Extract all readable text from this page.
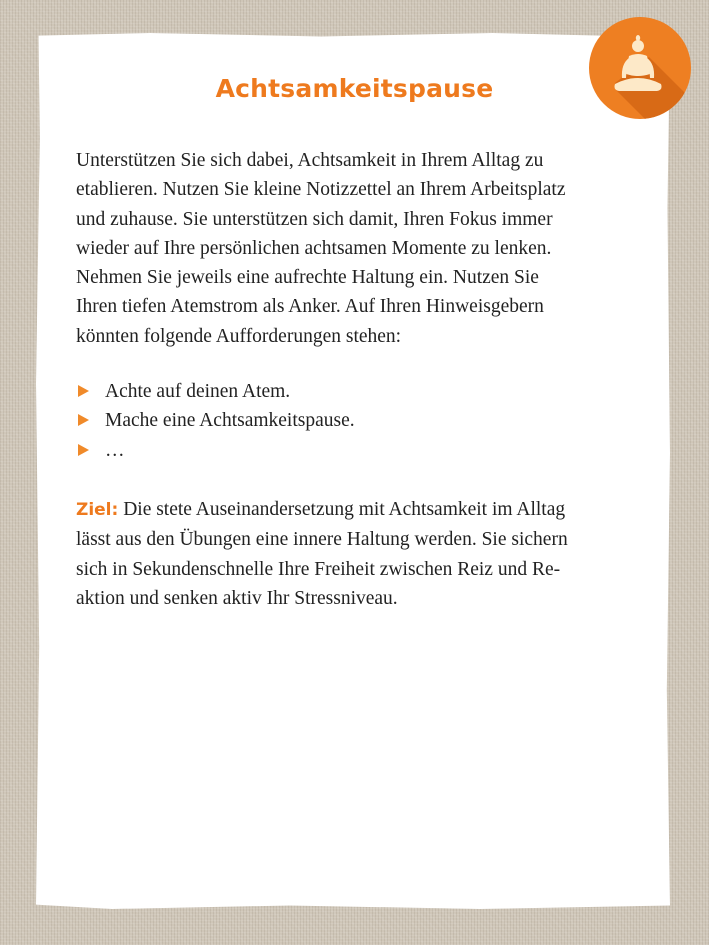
Achtsamkeitspause

Unterstützen Sie sich dabei, Achtsamkeit in Ihrem Alltag zu
etablieren. Nutzen Sie kleine Notizzettel an Ihrem Arbeitsplatz
und zuhause. Sie unterstützen sich damit, Ihren Fokus immer
wieder auf Ihre persönlichen achtsamen Momente zu lenken.
Nehmen Sie jeweils eine aufrechte Haltung ein. Nutzen Sie
Ihren tiefen Atemstrom als Anker. Auf Ihren Hinweisgebern
könnten folgende Aufforderungen stehen:

Achte auf deinen Atem.
Mache eine Achtsamkeitspause.
…

Ziel: Die stete Auseinandersetzung mit Achtsamkeit im Alltag
lässt aus den Übungen eine innere Haltung werden. Sie sichern
sich in Sekundenschnelle Ihre Freiheit zwischen Reiz und Re-
aktion und senken aktiv Ihr Stressniveau.
